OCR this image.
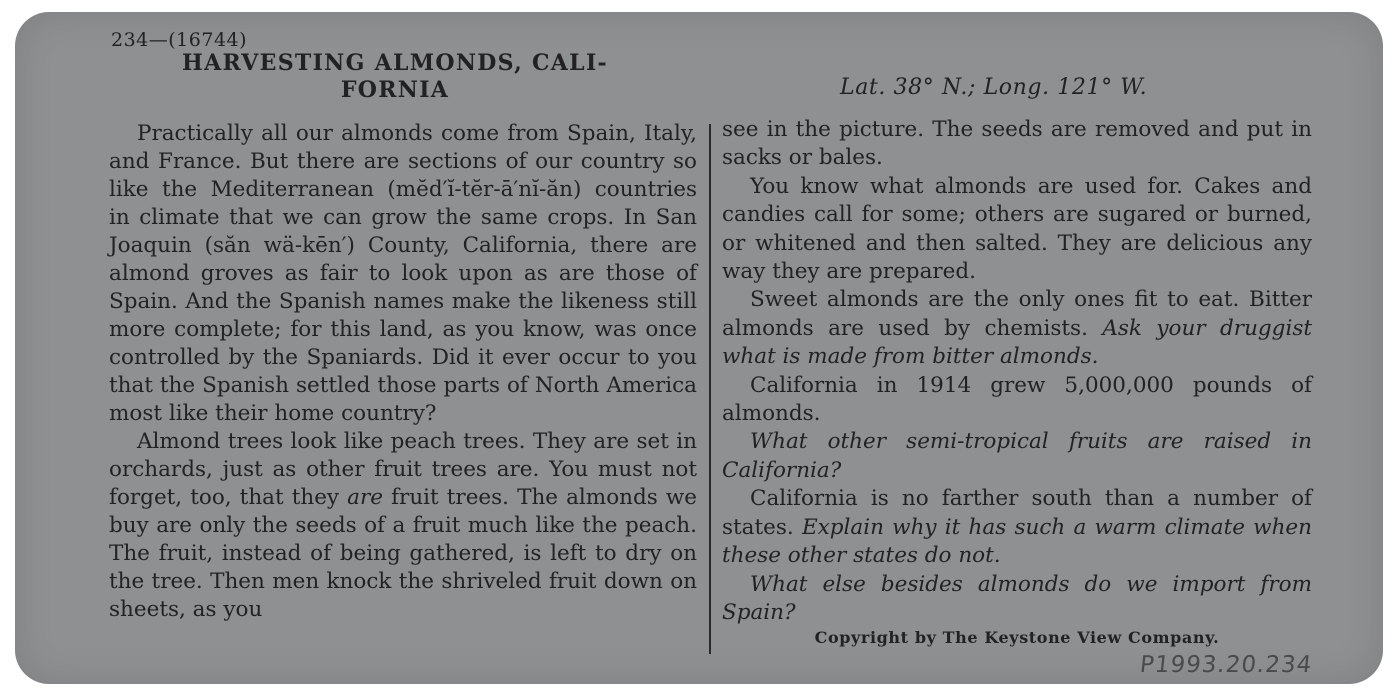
234—(16744)
HARVESTING ALMONDS, CALI-
FORNIA	Lat. 38° N.; Long. 121° W.

Practically all our almonds come from Spain, Italy, and France. But there are sections of our country so like the Mediterranean (mĕd′ĭ-tĕr-ā′nĭ-ăn) countries in climate that we can grow the same crops. In San Joaquin (săn wä-kēn′) County, California, there are almond groves as fair to look upon as are those of Spain. And the Spanish names make the likeness still more complete; for this land, as you know, was once controlled by the Spaniards. Did it ever occur to you that the Spanish settled those parts of North America most like their home country?

Almond trees look like peach trees. They are set in orchards, just as other fruit trees are. You must not forget, too, that they are fruit trees. The almonds we buy are only the seeds of a fruit much like the peach. The fruit, instead of being gathered, is left to dry on the tree. Then men knock the shriveled fruit down on sheets, as you

see in the picture. The seeds are removed and put in sacks or bales.

You know what almonds are used for. Cakes and candies call for some; others are sugared or burned, or whitened and then salted. They are delicious any way they are prepared.

Sweet almonds are the only ones fit to eat. Bitter almonds are used by chemists. Ask your druggist what is made from bitter almonds.

California in 1914 grew 5,000,000 pounds of almonds.

What other semi-tropical fruits are raised in California?

California is no farther south than a number of states. Explain why it has such a warm climate when these other states do not.

What else besides almonds do we import from Spain?

Copyright by The Keystone View Company.
P1993.20.234
